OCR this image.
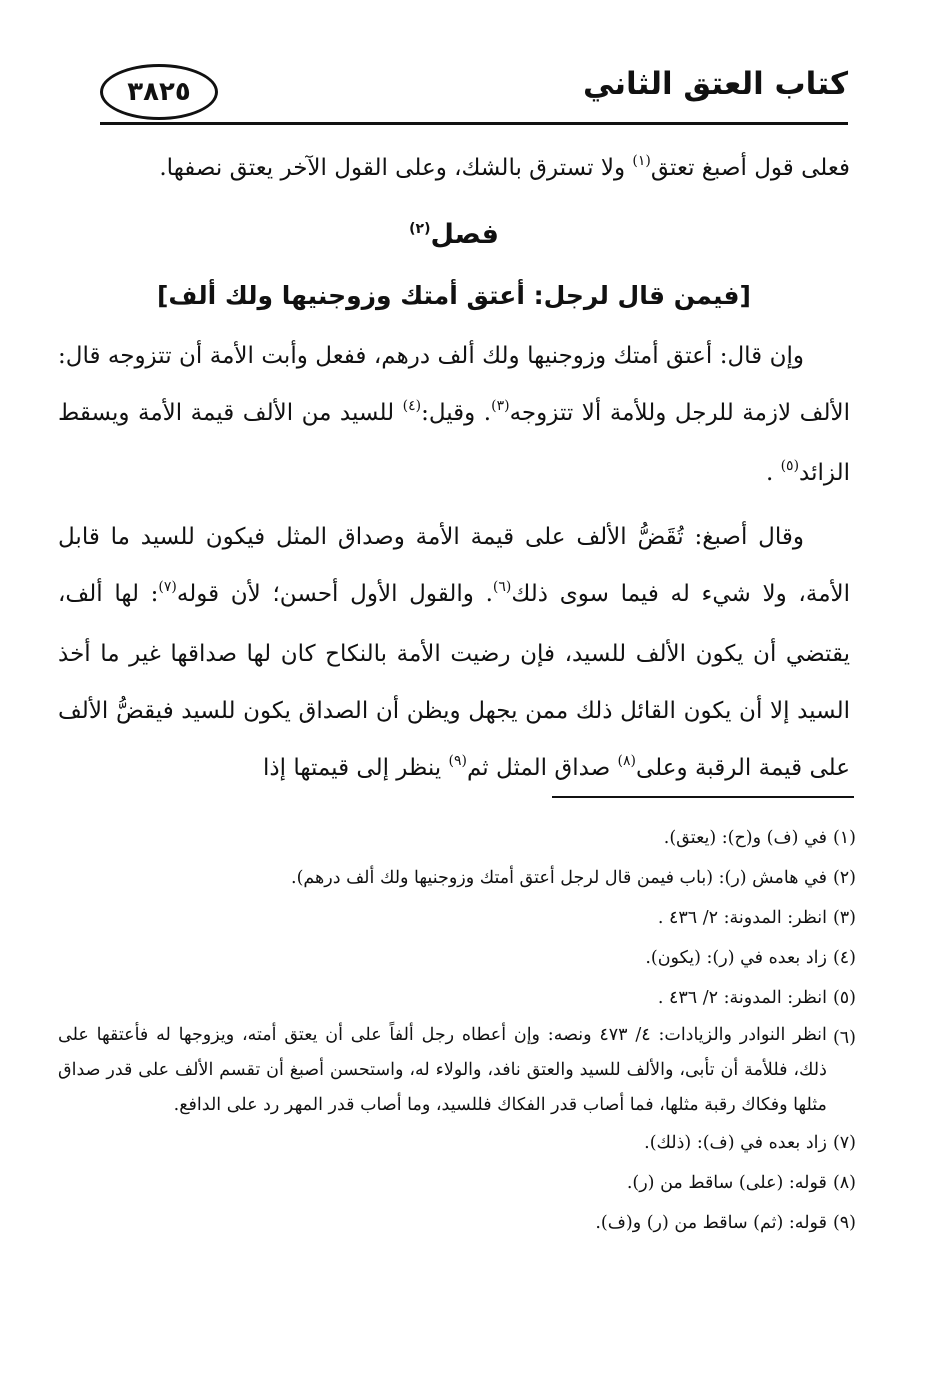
٣٨٢٥	كتاب العتق الثاني

فعلى قول أصبغ تعتق$^{(١)}$ ولا تسترق بالشك، وعلى القول الآخر يعتق نصفها.

فصل$^{(٢)}$
[فيمن قال لرجل: أعتق أمتك وزوجنيها ولك ألف]

وإن قال: أعتق أمتك وزوجنيها ولك ألف درهم، ففعل وأبت الأمة أن تتزوجه قال: الألف لازمة للرجل وللأمة ألا تتزوجه$^{(٣)}$. وقيل:$^{(٤)}$ للسيد من الألف قيمة الأمة ويسقط الزائد$^{(٥)}$ .

وقال أصبغ: تُقَضُّ الألف على قيمة الأمة وصداق المثل فيكون للسيد ما قابل الأمة، ولا شيء له فيما سوى ذلك$^{(٦)}$. والقول الأول أحسن؛ لأن قوله$^{(٧)}$: لها ألف، يقتضي أن يكون الألف للسيد، فإن رضيت الأمة بالنكاح كان لها صداقها غير ما أخذ السيد إلا أن يكون القائل ذلك ممن يجهل ويظن أن الصداق يكون للسيد فيقضُّ الألف على قيمة الرقبة وعلى$^{(٨)}$ صداق المثل ثم$^{(٩)}$ ينظر إلى قيمتها إذا

(١)
في (ف) و(ح): (يعتق).

(٢)
في هامش (ر): (باب فيمن قال لرجل أعتق أمتك وزوجنيها ولك ألف درهم).

(٣)
انظر: المدونة: ٢/ ٤٣٦ .

(٤)
زاد بعده في (ر): (يكون).

(٥)
انظر: المدونة: ٢/ ٤٣٦ .

(٦)
انظر النوادر والزيادات: ٤/ ٤٧٣ ونصه: وإن أعطاه رجل ألفاً على أن يعتق أمته، ويزوجها له فأعتقها على ذلك، فللأمة أن تأبى، والألف للسيد والعتق نافد، والولاء له، واستحسن أصبغ أن تقسم الألف على قدر صداق مثلها وفكاك رقبة مثلها، فما أصاب قدر الفكاك فللسيد، وما أصاب قدر المهر رد على الدافع.

(٧)
زاد بعده في (ف): (ذلك).

(٨)
قوله: (على) ساقط من (ر).

(٩)
قوله: (ثم) ساقط من (ر) و(ف).
